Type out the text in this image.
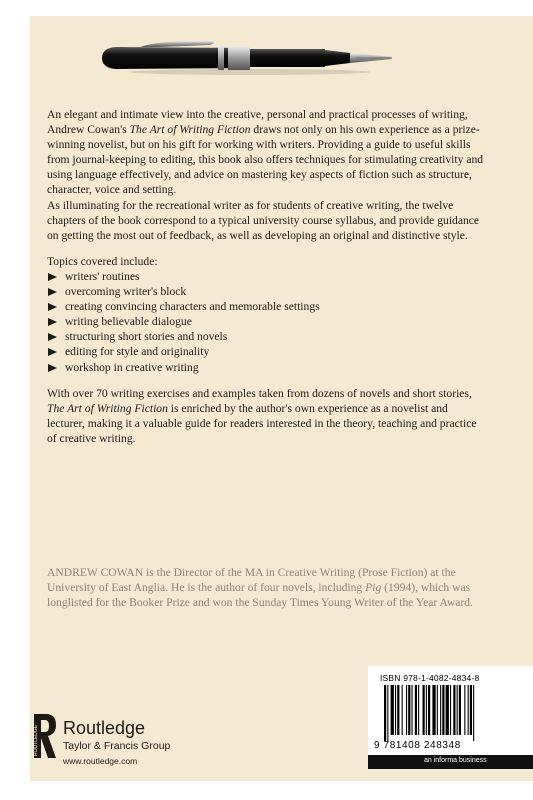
An elegant and intimate view into the creative, personal and practical processes of writing, Andrew Cowan's The Art of Writing Fiction draws not only on his own experience as a prize-winning novelist, but on his gift for working with writers. Providing a guide to useful skills from journal-keeping to editing, this book also offers techniques for stimulating creativity and using language effectively, and advice on mastering key aspects of fiction such as structure, character, voice and setting.

As illuminating for the recreational writer as for students of creative writing, the twelve chapters of the book correspond to a typical university course syllabus, and provide guidance on getting the most out of feedback, as well as developing an original and distinctive style.

Topics covered include:

writers' routines
overcoming writer's block
creating convincing characters and memorable settings
writing believable dialogue
structuring short stories and novels
editing for style and originality
workshop in creative writing

With over 70 writing exercises and examples taken from dozens of novels and short stories, The Art of Writing Fiction is enriched by the author's own experience as a novelist and lecturer, making it a valuable guide for readers interested in the theory, teaching and practice of creative writing.

ANDREW COWAN is the Director of the MA in Creative Writing (Prose Fiction) at the University of East Anglia. He is the author of four novels, including Pig (1994), which was longlisted for the Booker Prize and won the Sunday Times Young Writer of the Year Award.

ROUTLEDGE Routledge
Taylor & Francis Group
www.routledge.com
ISBN 978-1-4082-4834-8
9 781408 248348
an informa business
